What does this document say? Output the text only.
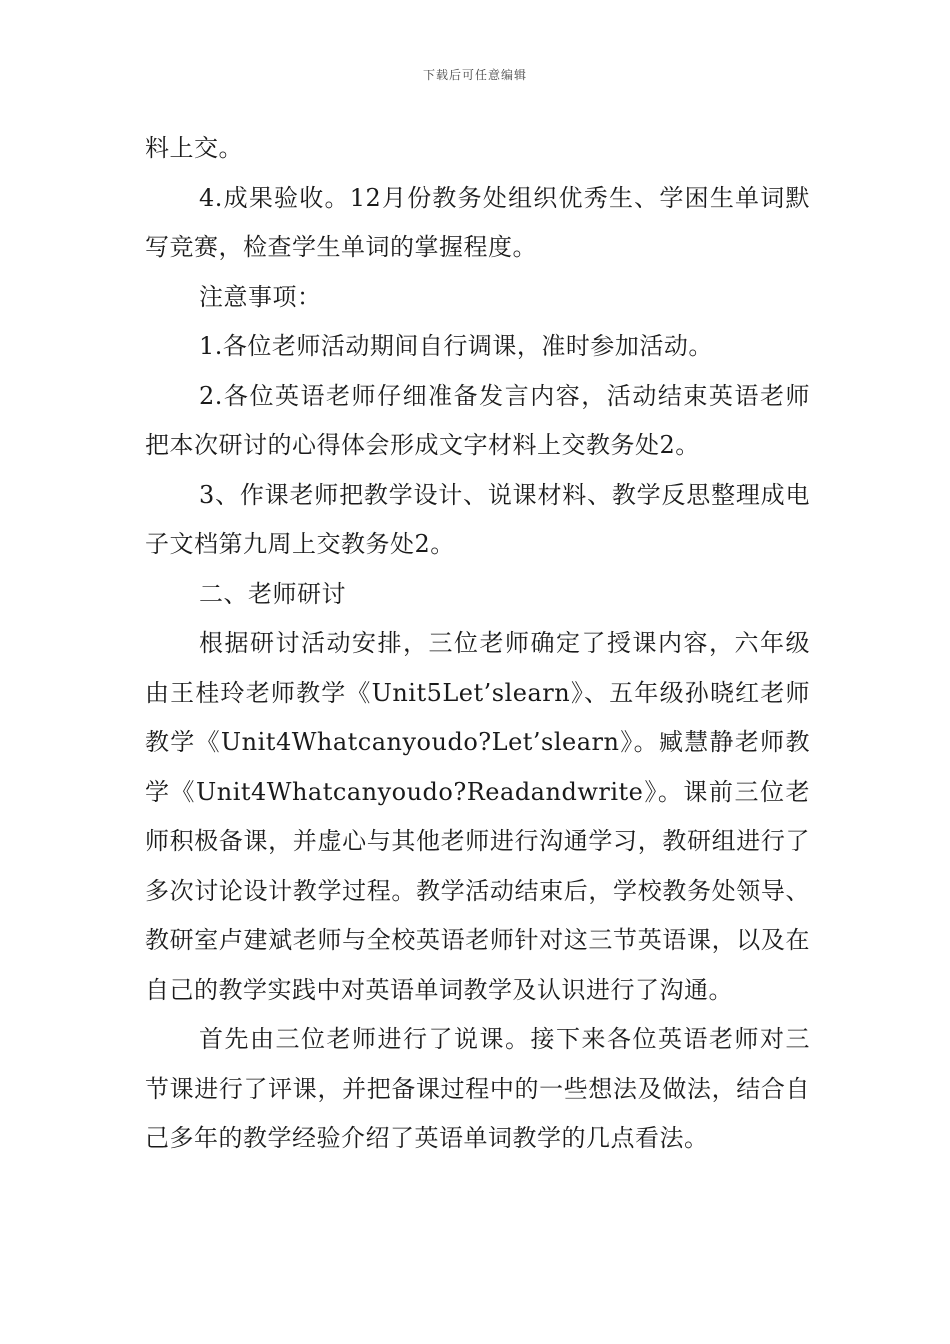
下载后可任意编辑

料上交。

4.成果验收。12月份教务处组织优秀生、学困生单词默写竞赛，检查学生单词的掌握程度。

注意事项：

1.各位老师活动期间自行调课，准时参加活动。

2.各位英语老师仔细准备发言内容，活动结束英语老师把本次研讨的心得体会形成文字材料上交教务处2。

3、作课老师把教学设计、说课材料、教学反思整理成电子文档第九周上交教务处2。

二、老师研讨

根据研讨活动安排，三位老师确定了授课内容，六年级由王桂玲老师教学《Unit5Let’slearn》、五年级孙晓红老师教学《Unit4Whatcanyoudo?Let’slearn》。臧慧静老师教学《Unit4Whatcanyoudo?Readandwrite》。课前三位老师积极备课，并虚心与其他老师进行沟通学习，教研组进行了多次讨论设计教学过程。教学活动结束后，学校教务处领导、教研室卢建斌老师与全校英语老师针对这三节英语课，以及在自己的教学实践中对英语单词教学及认识进行了沟通。

首先由三位老师进行了说课。接下来各位英语老师对三节课进行了评课，并把备课过程中的一些想法及做法，结合自己多年的教学经验介绍了英语单词教学的几点看法。
